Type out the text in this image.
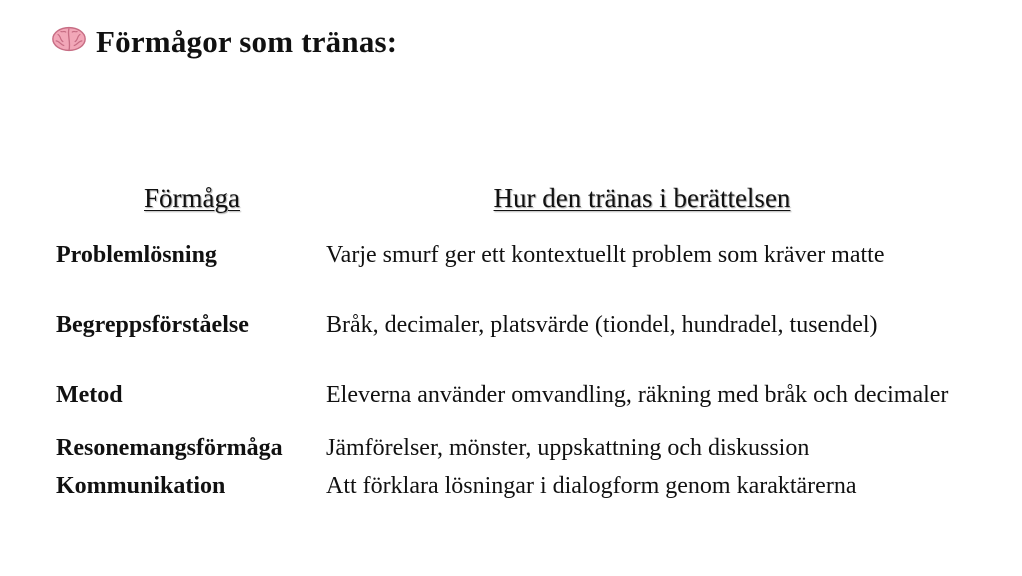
Förmågor som tränas:
Förmåga	Hur den tränas i berättelsen
Problemlösning	Varje smurf ger ett kontextuellt problem som kräver matte
Begreppsförståelse	Bråk, decimaler, platsvärde (tiondel, hundradel, tusendel)
Metod	Eleverna använder omvandling, räkning med bråk och decimaler
Resonemangsförmåga	Jämförelser, mönster, uppskattning och diskussion
Kommunikation	Att förklara lösningar i dialogform genom karaktärerna
